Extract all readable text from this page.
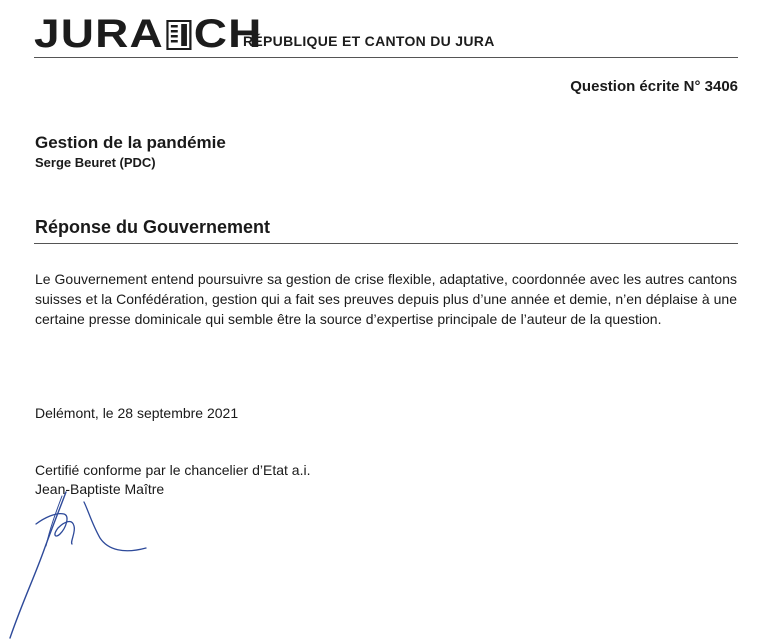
JURA CH
RÉPUBLIQUE ET CANTON DU JURA
Question écrite N° 3406
Gestion de la pandémie
Serge Beuret (PDC)
Réponse du Gouvernement
Le Gouvernement entend poursuivre sa gestion de crise flexible, adaptative, coordonnée avec les autres cantons suisses et la Confédération, gestion qui a fait ses preuves depuis plus d’une année et demie, n’en déplaise à une certaine presse dominicale qui semble être la source d’expertise principale de l’auteur de la question.
Delémont, le 28 septembre 2021
Certifié conforme par le chancelier d’Etat a.i.
Jean-Baptiste Maître
